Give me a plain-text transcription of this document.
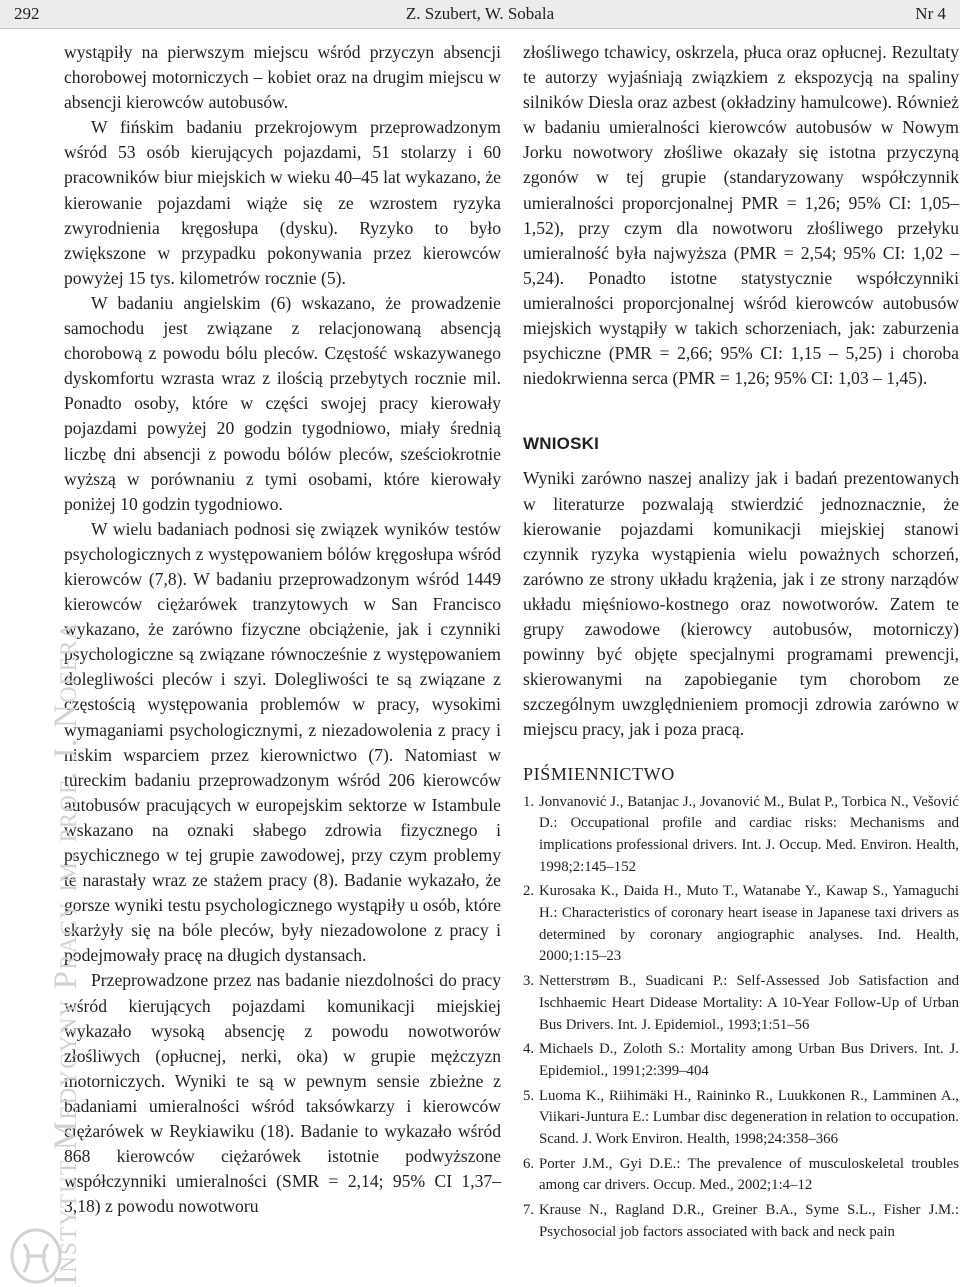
Z. Szubert, W. Sobala
292	Nr 4

wystąpiły na pierwszym miejscu wśród przyczyn absencji chorobowej motorniczych – kobiet oraz na drugim miejscu w absencji kierowców autobusów.

W fińskim badaniu przekrojowym przeprowadzonym wśród 53 osób kierujących pojazdami, 51 stolarzy i 60 pracowników biur miejskich w wieku 40–45 lat wykazano, że kierowanie pojazdami wiąże się ze wzrostem ryzyka zwyrodnienia kręgosłupa (dysku). Ryzyko to było zwiększone w przypadku pokonywania przez kierowców powyżej 15 tys. kilometrów rocznie (5).

W badaniu angielskim (6) wskazano, że prowadzenie samochodu jest związane z relacjonowaną absencją chorobową z powodu bólu pleców. Częstość wskazywanego dyskomfortu wzrasta wraz z ilością przebytych rocznie mil. Ponadto osoby, które w części swojej pracy kierowały pojazdami powyżej 20 godzin tygodniowo, miały średnią liczbę dni absencji z powodu bólów pleców, sześciokrotnie wyższą w porównaniu z tymi osobami, które kierowały poniżej 10 godzin tygodniowo.

W wielu badaniach podnosi się związek wyników testów psychologicznych z występowaniem bólów kręgosłupa wśród kierowców (7,8). W badaniu przeprowadzonym wśród 1449 kierowców ciężarówek tranzytowych w San Francisco wykazano, że zarówno fizyczne obciążenie, jak i czynniki psychologiczne są związane równocześnie z występowaniem dolegliwości pleców i szyi. Dolegliwości te są związane z częstością występowania problemów w pracy, wysokimi wymaganiami psychologicznymi, z niezadowolenia z pracy i niskim wsparciem przez kierownictwo (7). Natomiast w tureckim badaniu przeprowadzonym wśród 206 kierowców autobusów pracujących w europejskim sektorze w Istambule wskazano na oznaki słabego zdrowia fizycznego i psychicznego w tej grupie zawodowej, przy czym problemy te narastały wraz ze stażem pracy (8). Badanie wykazało, że gorsze wyniki testu psychologicznego wystąpiły u osób, które skarżyły się na bóle pleców, były niezadowolone z pracy i podejmowały pracę na długich dystansach.

Przeprowadzone przez nas badanie niezdolności do pracy wśród kierujących pojazdami komunikacji miejskiej wykazało wysoką absencję z powodu nowotworów złośliwych (opłucnej, nerki, oka) w grupie mężczyzn motorniczych. Wyniki te są w pewnym sensie zbieżne z badaniami umieralności wśród taksówkarzy i kierowców ciężarówek w Reykiawiku (18). Badanie to wykazało wśród 868 kierowców ciężarówek istotnie podwyższone współczynniki umieralności (SMR = 2,14; 95% CI 1,37–3,18) z powodu nowotworu

złośliwego tchawicy, oskrzela, płuca oraz opłucnej. Rezultaty te autorzy wyjaśniają związkiem z ekspozycją na spaliny silników Diesla oraz azbest (okładziny hamulcowe). Również w badaniu umieralności kierowców autobusów w Nowym Jorku nowotwory złośliwe okazały się istotna przyczyną zgonów w tej grupie (standaryzowany współczynnik umieralności proporcjonalnej PMR = 1,26; 95% CI: 1,05–1,52), przy czym dla nowotworu złośliwego przełyku umieralność była najwyższa (PMR = 2,54; 95% CI: 1,02 – 5,24). Ponadto istotne statystycznie współczynniki umieralności proporcjonalnej wśród kierowców autobusów miejskich wystąpiły w takich schorzeniach, jak: zaburzenia psychiczne (PMR = 2,66; 95% CI: 1,15 – 5,25) i choroba niedokrwienna serca (PMR = 1,26; 95% CI: 1,03 – 1,45).

WNIOSKI

Wyniki zarówno naszej analizy jak i badań prezentowanych w literaturze pozwalają stwierdzić jednoznacznie, że kierowanie pojazdami komunikacji miejskiej stanowi czynnik ryzyka wystąpienia wielu poważnych schorzeń, zarówno ze strony układu krążenia, jak i ze strony narządów układu mięśniowo-kostnego oraz nowotworów. Zatem te grupy zawodowe (kierowcy autobusów, motorniczy) powinny być objęte specjalnymi programami prewencji, skierowanymi na zapobieganie tym chorobom ze szczególnym uwzględnieniem promocji zdrowia zarówno w miejscu pracy, jak i poza pracą.

PIŚMIENNICTWO
1. Jonvanović J., Batanjac J., Jovanović M., Bulat P., Torbica N., Vešović D.: Occupational profile and cardiac risks: Mechanisms and implications professional drivers. Int. J. Occup. Med. Environ. Health, 1998;2:145–152
2. Kurosaka K., Daida H., Muto T., Watanabe Y., Kawap S., Yamaguchi H.: Characteristics of coronary heart isease in Japanese taxi drivers as determined by coronary angiographic analyses. Ind. Health, 2000;1:15–23
3. Netterstrøm B., Suadicani P.: Self-Assessed Job Satisfaction and Ischhaemic Heart Didease Mortality: A 10-Year Follow-Up of Urban Bus Drivers. Int. J. Epidemiol., 1993;1:51–56
4. Michaels D., Zoloth S.: Mortality among Urban Bus Drivers. Int. J. Epidemiol., 1991;2:399–404
5. Luoma K., Riihimäki H., Raininko R., Luukkonen R., Lamminen A., Viikari-Juntura E.: Lumbar disc degeneration in relation to occupation. Scand. J. Work Environ. Health, 1998;24:358–366
6. Porter J.M., Gyi D.E.: The prevalence of musculoskeletal troubles among car drivers. Occup. Med., 2002;1:4–12
7. Krause N., Ragland D.R., Greiner B.A., Syme S.L., Fisher J.M.: Psychosocial job factors associated with back and neck pain
Instytut Medycyny Pracy im. prof. J. Nofera
